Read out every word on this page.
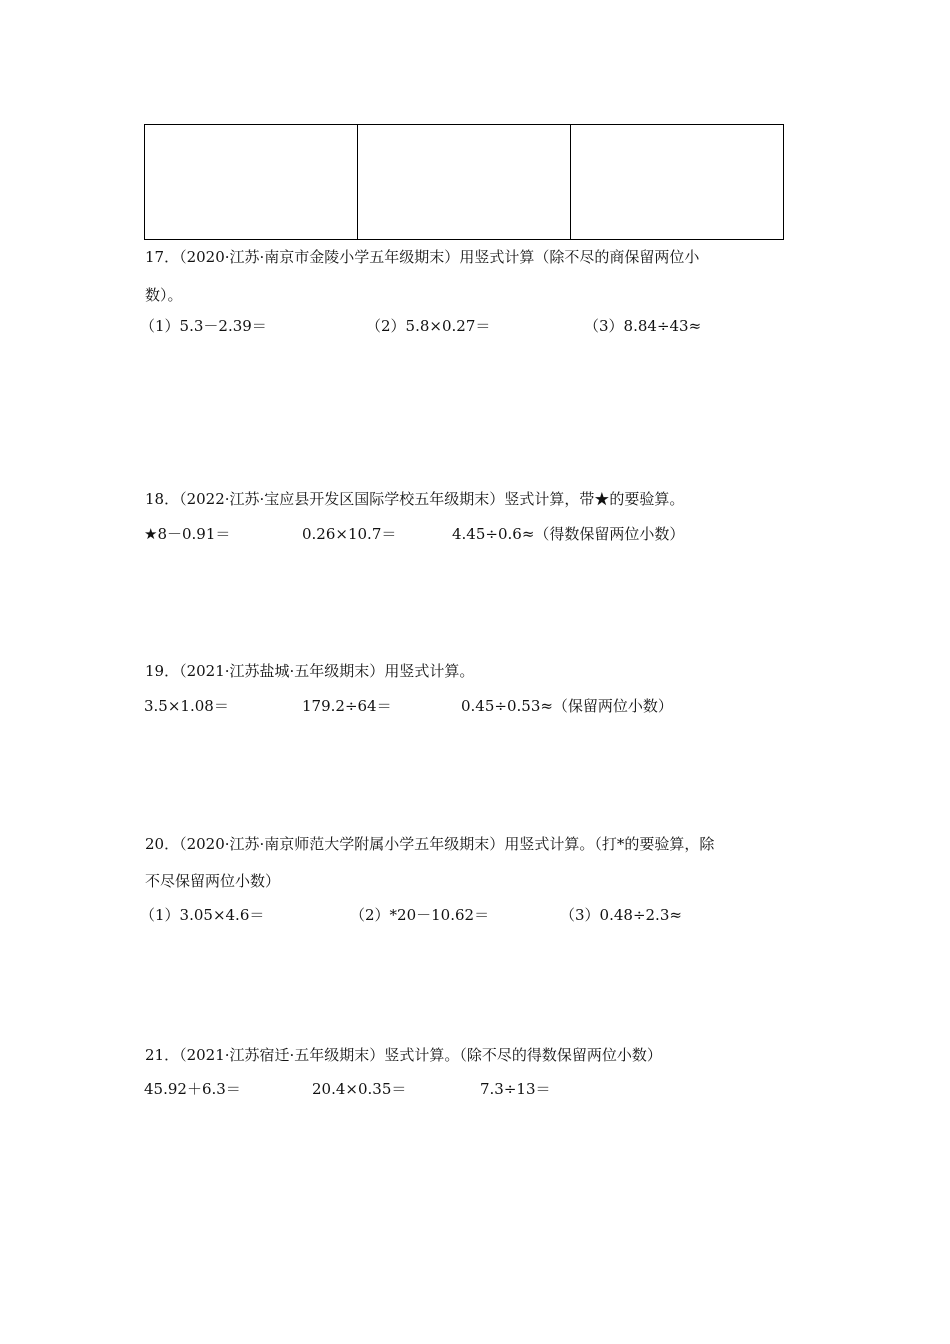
17．（2020·江苏·南京市金陵小学五年级期末）用竖式计算（除不尽的商保留两位小
数）。
（1）5.3－2.39＝	（2）5.8×0.27＝	（3）8.84÷43≈
18．（2022·江苏·宝应县开发区国际学校五年级期末）竖式计算，带★的要验算。
★8－0.91＝	0.26×10.7＝	4.45÷0.6≈（得数保留两位小数）
19．（2021·江苏盐城·五年级期末）用竖式计算。
3.5×1.08＝	179.2÷64＝	0.45÷0.53≈（保留两位小数）
20．（2020·江苏·南京师范大学附属小学五年级期末）用竖式计算。（打*的要验算，除
不尽保留两位小数）
（1）3.05×4.6＝	（2）*20－10.62＝	（3）0.48÷2.3≈
21．（2021·江苏宿迁·五年级期末）竖式计算。（除不尽的得数保留两位小数）
45.92＋6.3＝	20.4×0.35＝	7.3÷13＝
